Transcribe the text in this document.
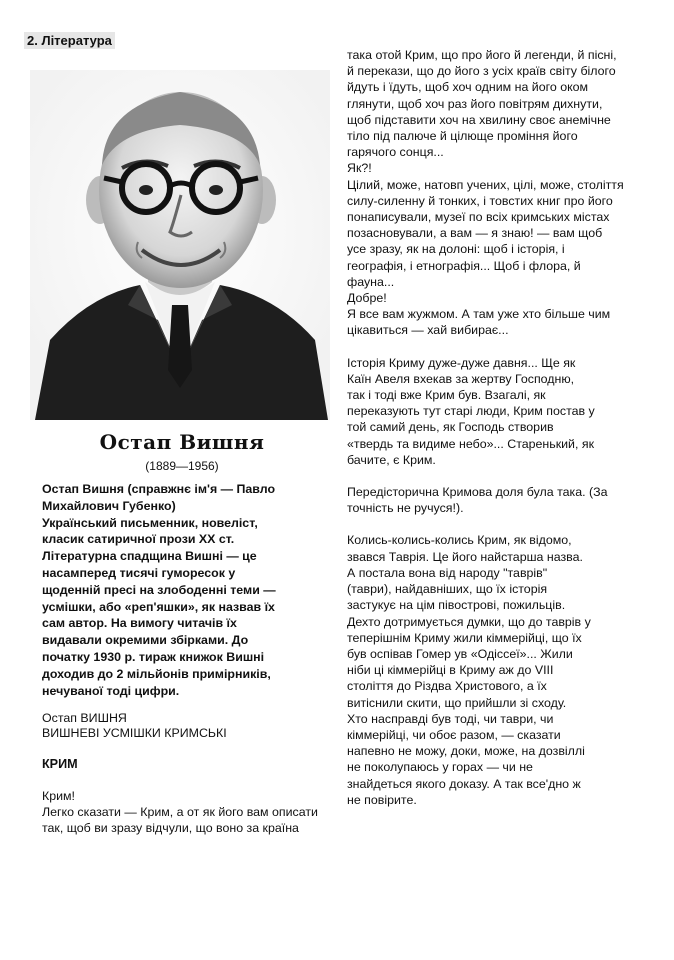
2. Література
Остап Вишня
(1889—1956)

Остап Вишня (справжнє ім'я — Павло

Михайлович Губенко)

Український письменник, новеліст,

класик сатиричної прози XX ст.

Літературна спадщина Вишні — це

насамперед тисячі гуморесок у

щоденній пресі на злободенні теми —

усмішки, або «реп'яшки», як назвав їх

сам автор. На вимогу читачів їх

видавали окремими збірками. До

початку 1930 р. тираж книжок Вишні

доходив до 2 мільйонів примірників,

нечуваної тоді цифри.

Остап ВИШНЯ
ВИШНЕВІ УСМІШКИ КРИМСЬКІ
КРИМ

Крим!

Легко сказати — Крим, а от як його вам описати

так, щоб ви зразу відчули, що воно за країна

така отой Крим, що про його й легенди, й пісні,

й перекази, що до його з усіх країв світу білого

йдуть і їдуть, щоб хоч одним на його оком

глянути, щоб хоч раз його повітрям дихнути,

щоб підставити хоч на хвилину своє анемічне

тіло під палюче й цілюще проміння його

гарячого сонця...

Як?!

Цілий, може, натовп учених, цілі, може, століття

силу-силенну й тонких, і товстих книг про його

понаписували, музеї по всіх кримських містах

позасновували, а вам — я знаю! — вам щоб

усе зразу, як на долоні: щоб і історія, і

географія, і етнографія... Щоб і флора, й

фауна...

Добре!

Я все вам жужмом. А там уже хто більше чим

цікавиться — хай вибирає...

Історія Криму дуже-дуже давня... Ще як

Каїн Авеля вхекав за жертву Господню,

так і тоді вже Крим був. Взагалі, як

переказують тут старі люди, Крим постав у

той самий день, як Господь створив

«твердь та видиме небо»... Старенький, як

бачите, є Крим.

Передісторична Кримова доля була така. (За

точність не ручуся!).

Колись-колись-колись Крим, як відомо,

звався Таврія. Це його найстарша назва.

А постала вона від народу "таврів"

(таври), найдавніших, що їх історія

застукує на цім півострові, пожильців.

Дехто дотримується думки, що до таврів у

теперішнім Криму жили кіммерійці, що їх

був оспівав Гомер ув «Одіссеї»... Жили

ніби ці кіммерійці в Криму аж до VIII

століття до Різдва Христового, а їх

витіснили скити, що прийшли зі сходу.

Хто насправді був тоді, чи таври, чи

кіммерійці, чи обоє разом, — сказати

напевно не можу, доки, може, на дозвіллі

не поколупаюсь у горах — чи не

знайдеться якого доказу. А так все'дно ж

не повірите.
